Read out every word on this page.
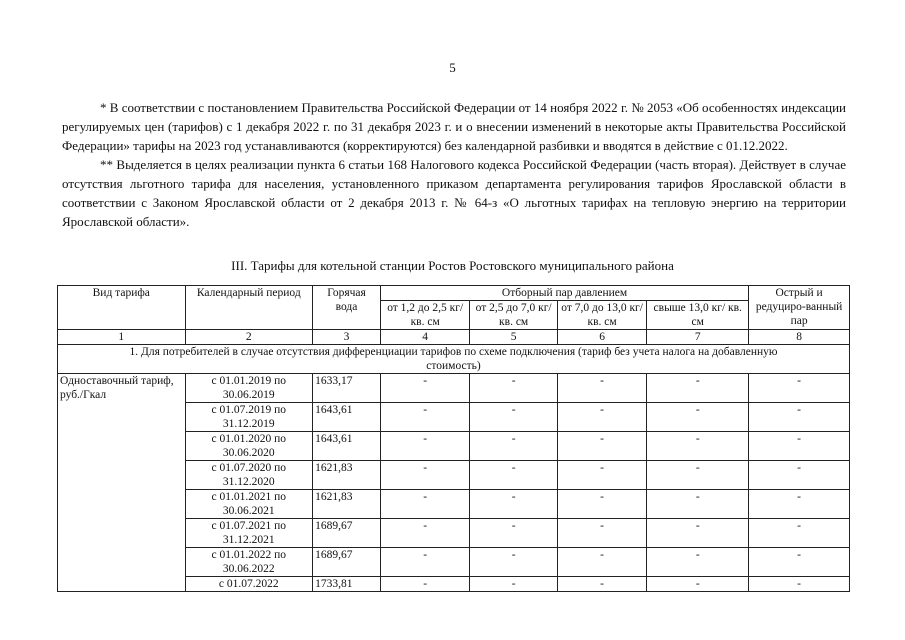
5

* В соответствии с постановлением Правительства Российской Федерации от 14 ноября 2022 г. № 2053 «Об особенностях индексации регулируемых цен (тарифов) с 1 декабря 2022 г. по 31 декабря 2023 г. и о внесении изменений в некоторые акты Правительства Российской Федерации» тарифы на 2023 год устанавливаются (корректируются) без календарной разбивки и вводятся в действие с 01.12.2022.

** Выделяется в целях реализации пункта 6 статьи 168 Налогового кодекса Российской Федерации (часть вторая). Действует в случае отсутствия льготного тарифа для населения, установленного приказом департамента регулирования тарифов Ярославской области в соответствии с Законом Ярославской области от 2 декабря 2013 г. № 64-з «О льготных тарифах на тепловую энергию на территории Ярославской области».

III. Тарифы для котельной станции Ростов Ростовского муниципального района
Вид тарифа	Календарный период	Горячая вода	Отборный пар давлением				Острый и редуциро-ванный пар
			от 1,2 до 2,5 кг/ кв. см	от 2,5 до 7,0 кг/ кв. см	от 7,0 до 13,0 кг/ кв. см	свыше 13,0 кг/ кв. см	
1	2	3	4	5	6	7	8
1. Для потребителей в случае отсутствия дифференциации тарифов по схеме подключения (тариф без учета налога на добавленную стоимость)							
Одноставочный тариф, руб./Гкал	с 01.01.2019 по 30.06.2019	1633,17	-	-	-	-	-
	с 01.07.2019 по 31.12.2019	1643,61	-	-	-	-	-
	с 01.01.2020 по 30.06.2020	1643,61	-	-	-	-	-
	с 01.07.2020 по 31.12.2020	1621,83	-	-	-	-	-
	с 01.01.2021 по 30.06.2021	1621,83	-	-	-	-	-
	с 01.07.2021 по 31.12.2021	1689,67	-	-	-	-	-
	с 01.01.2022 по 30.06.2022	1689,67	-	-	-	-	-
	с 01.07.2022	1733,81	-	-	-	-	-
